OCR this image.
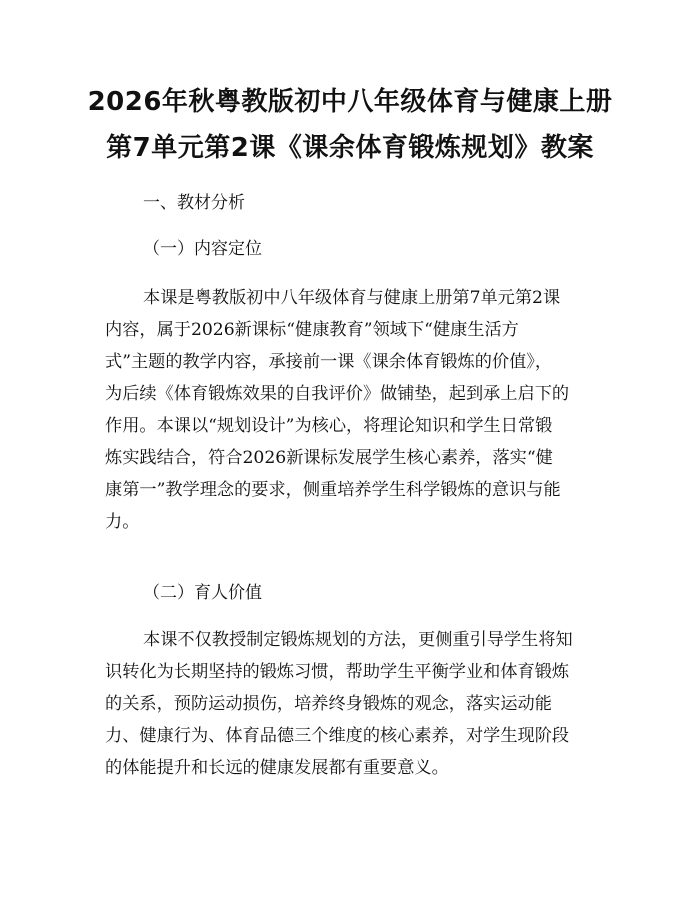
2026年秋粤教版初中八年级体育与健康上册
第7单元第2课《课余体育锻炼规划》教案
一、教材分析
（一）内容定位
本课是粤教版初中八年级体育与健康上册第7单元第2课
内容，属于2026新课标“健康教育”领域下“健康生活方
式”主题的教学内容，承接前一课《课余体育锻炼的价值》，
为后续《体育锻炼效果的自我评价》做铺垫，起到承上启下的
作用。本课以“规划设计”为核心，将理论知识和学生日常锻
炼实践结合，符合2026新课标发展学生核心素养，落实“健
康第一”教学理念的要求，侧重培养学生科学锻炼的意识与能
力。
（二）育人价值
本课不仅教授制定锻炼规划的方法，更侧重引导学生将知
识转化为长期坚持的锻炼习惯，帮助学生平衡学业和体育锻炼
的关系，预防运动损伤，培养终身锻炼的观念，落实运动能
力、健康行为、体育品德三个维度的核心素养，对学生现阶段
的体能提升和长远的健康发展都有重要意义。
